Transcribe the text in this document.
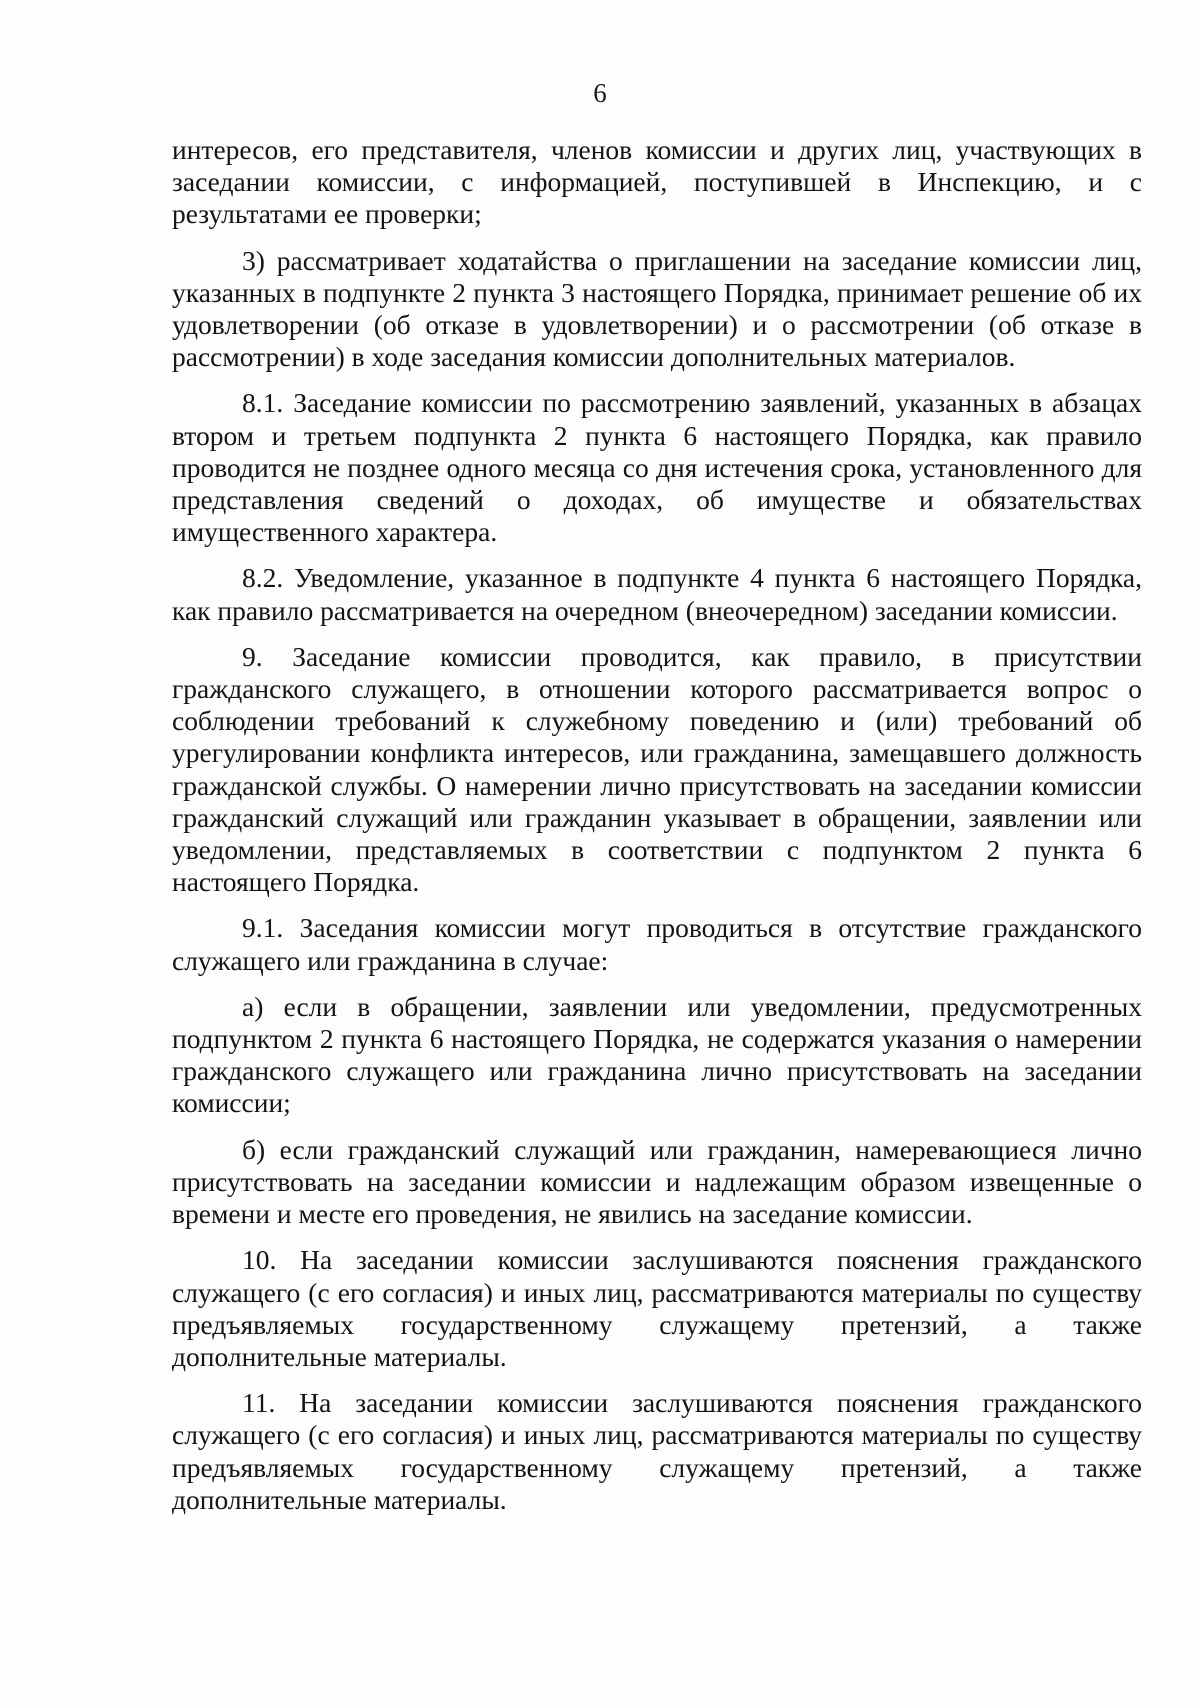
6

интересов, его представителя, членов комиссии и других лиц, участвующих в заседании комиссии, с информацией, поступившей в Инспекцию, и с результатами ее проверки;

3) рассматривает ходатайства о приглашении на заседание комиссии лиц, указанных в подпункте 2 пункта 3 настоящего Порядка, принимает решение об их удовлетворении (об отказе в удовлетворении) и о рассмотрении (об отказе в рассмотрении) в ходе заседания комиссии дополнительных материалов.

8.1. Заседание комиссии по рассмотрению заявлений, указанных в абзацах втором и третьем подпункта 2 пункта 6 настоящего Порядка, как правило проводится не позднее одного месяца со дня истечения срока, установленного для представления сведений о доходах, об имуществе и обязательствах имущественного характера.

8.2. Уведомление, указанное в подпункте 4 пункта 6 настоящего Порядка, как правило рассматривается на очередном (внеочередном) заседании комиссии.

9. Заседание комиссии проводится, как правило, в присутствии гражданского служащего, в отношении которого рассматривается вопрос о соблюдении требований к служебному поведению и (или) требований об урегулировании конфликта интересов, или гражданина, замещавшего должность гражданской службы. О намерении лично присутствовать на заседании комиссии гражданский служащий или гражданин указывает в обращении, заявлении или уведомлении, представляемых в соответствии с подпунктом 2 пункта 6 настоящего Порядка.

9.1. Заседания комиссии могут проводиться в отсутствие гражданского служащего или гражданина в случае:

а) если в обращении, заявлении или уведомлении, предусмотренных подпунктом 2 пункта 6 настоящего Порядка, не содержатся указания о намерении гражданского служащего или гражданина лично присутствовать на заседании комиссии;

б) если гражданский служащий или гражданин, намеревающиеся лично присутствовать на заседании комиссии и надлежащим образом извещенные о времени и месте его проведения, не явились на заседание комиссии.

10. На заседании комиссии заслушиваются пояснения гражданского служащего (с его согласия) и иных лиц, рассматриваются материалы по существу предъявляемых государственному служащему претензий, а также дополнительные материалы.

11. На заседании комиссии заслушиваются пояснения гражданского служащего (с его согласия) и иных лиц, рассматриваются материалы по существу предъявляемых государственному служащему претензий, а также дополнительные материалы.
